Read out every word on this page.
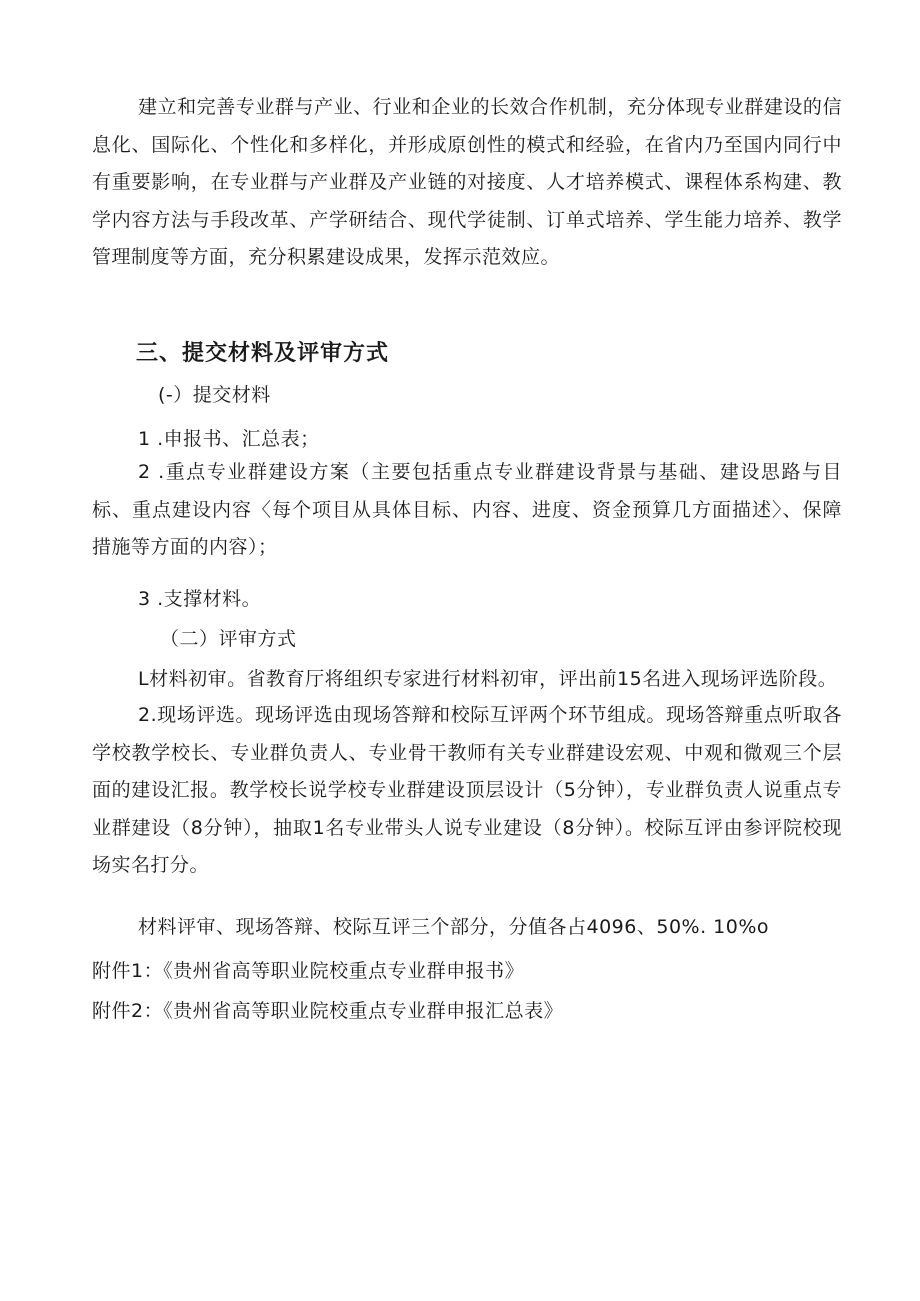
建立和完善专业群与产业、行业和企业的长效合作机制，充分体现专业群建设的信息化、国际化、个性化和多样化，并形成原创性的模式和经验，在省内乃至国内同行中有重要影响，在专业群与产业群及产业链的对接度、人才培养模式、课程体系构建、教学内容方法与手段改革、产学研结合、现代学徒制、订单式培养、学生能力培养、教学管理制度等方面，充分积累建设成果，发挥示范效应。

三、提交材料及评审方式

(-）提交材料

1 .申报书、汇总表；

2 .重点专业群建设方案（主要包括重点专业群建设背景与基础、建设思路与目标、重点建设内容〈每个项目从具体目标、内容、进度、资金预算几方面描述〉、保障措施等方面的内容）；

3 .支撑材料。

（二）评审方式

L材料初审。省教育厅将组织专家进行材料初审，评出前15名进入现场评选阶段。

2.现场评选。现场评选由现场答辩和校际互评两个环节组成。现场答辩重点听取各学校教学校长、专业群负责人、专业骨干教师有关专业群建设宏观、中观和微观三个层面的建设汇报。教学校长说学校专业群建设顶层设计（5分钟），专业群负责人说重点专业群建设（8分钟），抽取1名专业带头人说专业建设（8分钟）。校际互评由参评院校现场实名打分。

材料评审、现场答辩、校际互评三个部分，分值各占4096、50%. 10%o

附件1：《贵州省高等职业院校重点专业群申报书》

附件2：《贵州省高等职业院校重点专业群申报汇总表》
